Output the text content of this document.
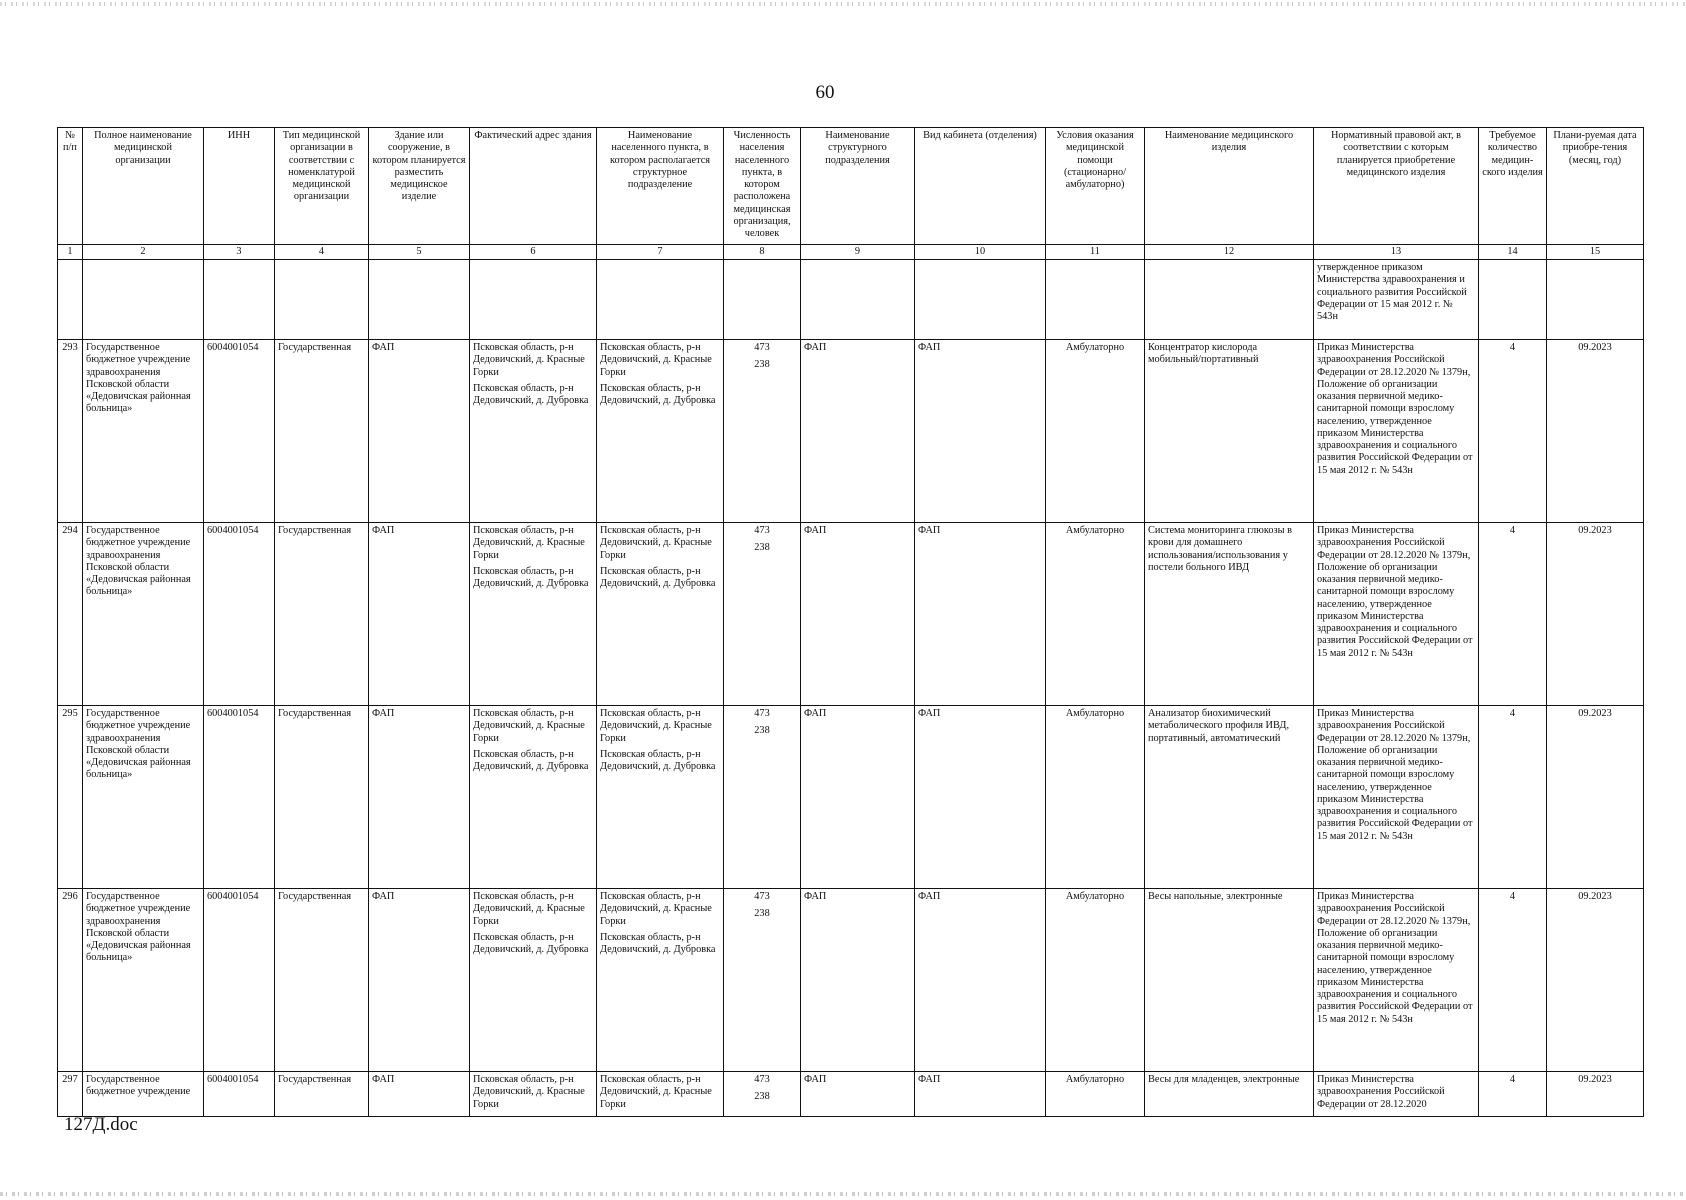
60
№ п/п	Полное наименование медицинской организации	ИНН	Тип медицинской организации в соответствии с номенклатурой медицинской организации	Здание или сооружение, в котором планируется разместить медицинское изделие	Фактический адрес здания	Наименование населенного пункта, в котором располагается структурное подразделение	Численность населения населенного пункта, в котором расположена медицинская организация, человек	Наименование структурного подразделения	Вид кабинета (отделения)	Условия оказания медицинской помощи (стационарно/ амбулаторно)	Наименование медицинского изделия	Нормативный правовой акт, в соответствии с которым планируется приобретение медицинского изделия	Требуемое количество медицин-ского изделия	Плани-руемая дата приобре-тения (месяц, год)
1	2	3	4	5	6	7	8	9	10	11	12	13	14	15
												утвержденное приказом Министерства здравоохранения и социального развития Российской Федерации от 15 мая 2012 г. № 543н		
293	Государственное бюджетное учреждение здравоохранения Псковской области «Дедовичская районная больница»	6004001054	Государственная	ФАП	Псковская область, р-н Дедовичский, д. Красные Горки
Псковская область, р-н Дедовичский, д. Дубровка	Псковская область, р-н Дедовичский, д. Красные Горки
Псковская область, р-н Дедовичский, д. Дубровка	473
238	ФАП	ФАП	Амбулаторно	Концентратор кислорода мобильный/портативный	Приказ Министерства здравоохранения Российской Федерации от 28.12.2020 № 1379н, Положение об организации оказания первичной медико-санитарной помощи взрослому населению, утвержденное приказом Министерства здравоохранения и социального развития Российской Федерации от 15 мая 2012 г. № 543н	4	09.2023
294	Государственное бюджетное учреждение здравоохранения Псковской области «Дедовичская районная больница»	6004001054	Государственная	ФАП	Псковская область, р-н Дедовичский, д. Красные Горки
Псковская область, р-н Дедовичский, д. Дубровка	Псковская область, р-н Дедовичский, д. Красные Горки
Псковская область, р-н Дедовичский, д. Дубровка	473
238	ФАП	ФАП	Амбулаторно	Система мониторинга глюкозы в крови для домашнего использования/использования у постели больного ИВД	Приказ Министерства здравоохранения Российской Федерации от 28.12.2020 № 1379н, Положение об организации оказания первичной медико-санитарной помощи взрослому населению, утвержденное приказом Министерства здравоохранения и социального развития Российской Федерации от 15 мая 2012 г. № 543н	4	09.2023
295	Государственное бюджетное учреждение здравоохранения Псковской области «Дедовичская районная больница»	6004001054	Государственная	ФАП	Псковская область, р-н Дедовичский, д. Красные Горки
Псковская область, р-н Дедовичский, д. Дубровка	Псковская область, р-н Дедовичский, д. Красные Горки
Псковская область, р-н Дедовичский, д. Дубровка	473
238	ФАП	ФАП	Амбулаторно	Анализатор биохимический метаболического профиля ИВД, портативный, автоматический	Приказ Министерства здравоохранения Российской Федерации от 28.12.2020 № 1379н, Положение об организации оказания первичной медико-санитарной помощи взрослому населению, утвержденное приказом Министерства здравоохранения и социального развития Российской Федерации от 15 мая 2012 г. № 543н	4	09.2023
296	Государственное бюджетное учреждение здравоохранения Псковской области «Дедовичская районная больница»	6004001054	Государственная	ФАП	Псковская область, р-н Дедовичский, д. Красные Горки
Псковская область, р-н Дедовичский, д. Дубровка	Псковская область, р-н Дедовичский, д. Красные Горки
Псковская область, р-н Дедовичский, д. Дубровка	473
238	ФАП	ФАП	Амбулаторно	Весы напольные, электронные	Приказ Министерства здравоохранения Российской Федерации от 28.12.2020 № 1379н, Положение об организации оказания первичной медико-санитарной помощи взрослому населению, утвержденное приказом Министерства здравоохранения и социального развития Российской Федерации от 15 мая 2012 г. № 543н	4	09.2023
297	Государственное бюджетное учреждение	6004001054	Государственная	ФАП	Псковская область, р-н Дедовичский, д. Красные Горки	Псковская область, р-н Дедовичский, д. Красные Горки	473
238	ФАП	ФАП	Амбулаторно	Весы для младенцев, электронные	Приказ Министерства здравоохранения Российской Федерации от 28.12.2020	4	09.2023
127Д.doc
